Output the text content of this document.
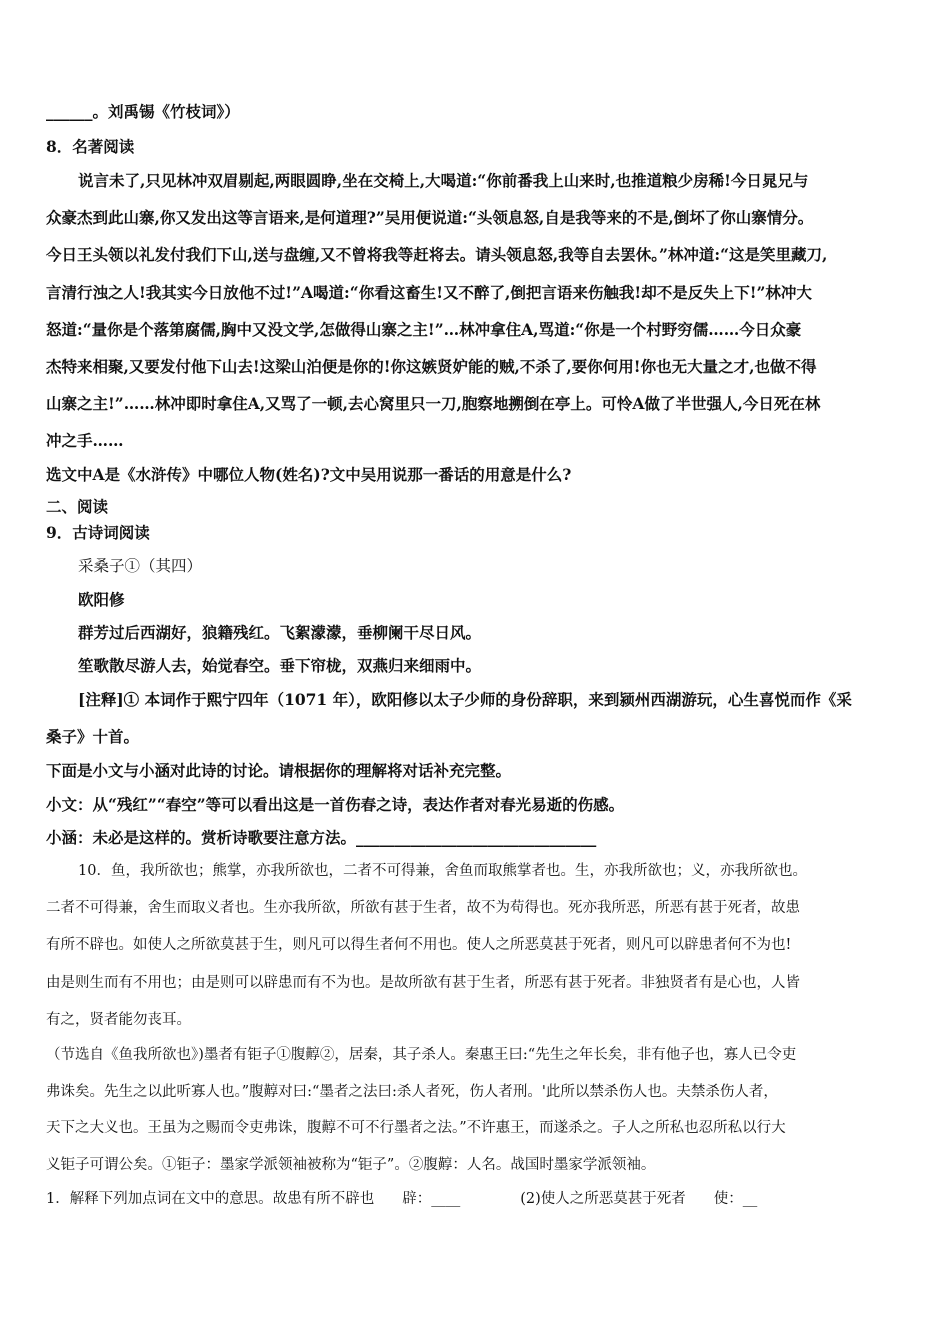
______。刘禹锡《竹枝词》）
8．名著阅读
说言未了,只见林冲双眉剔起,两眼圆睁,坐在交椅上,大喝道:“你前番我上山来时,也推道粮少房稀!今日晁兄与
众豪杰到此山寨,你又发出这等言语来,是何道理?”吴用便说道:“头领息怒,自是我等来的不是,倒坏了你山寨情分。
今日王头领以礼发付我们下山,送与盘缠,又不曾将我等赶将去。请头领息怒,我等自去罢休。”林冲道:“这是笑里藏刀,
言清行浊之人!我其实今日放他不过!”A喝道:“你看这畜生!又不醉了,倒把言语来伤触我!却不是反失上下!”林冲大
怒道:“量你是个落第腐儒,胸中又没文学,怎做得山寨之主!”…林冲拿住A,骂道:“你是一个村野穷儒……今日众豪
杰特来相聚,又要发付他下山去!这梁山泊便是你的!你这嫉贤妒能的贼,不杀了,要你何用!你也无大量之才,也做不得
山寨之主!”……林冲即时拿住A,又骂了一顿,去心窝里只一刀,胞察地搠倒在亭上。可怜A做了半世强人,今日死在林
冲之手……
选文中A是《水浒传》中哪位人物(姓名)?文中吴用说那一番话的用意是什么?
二、阅读
9．古诗词阅读
采桑子①（其四）
欧阳修
群芳过后西湖好，狼籍残红。飞絮濛濛，垂柳阑干尽日风。
笙歌散尽游人去，始觉春空。垂下帘栊，双燕归来细雨中。
[注释]① 本词作于熙宁四年（1071 年），欧阳修以太子少师的身份辞职，来到颍州西湖游玩，心生喜悦而作《采
桑子》十首。
下面是小文与小涵对此诗的讨论。请根据你的理解将对话补充完整。
小文：从“残红”“春空”等可以看出这是一首伤春之诗，表达作者对春光易逝的伤感。
小涵：未必是这样的。赏析诗歌要注意方法。_______________________________
10．鱼，我所欲也；熊掌，亦我所欲也，二者不可得兼，舍鱼而取熊掌者也。生，亦我所欲也；义，亦我所欲也。
二者不可得兼，舍生而取义者也。生亦我所欲，所欲有甚于生者，故不为苟得也。死亦我所恶，所恶有甚于死者，故患
有所不辟也。如使人之所欲莫甚于生，则凡可以得生者何不用也。使人之所恶莫甚于死者，则凡可以辟患者何不为也!
由是则生而有不用也；由是则可以辟患而有不为也。是故所欲有甚于生者，所恶有甚于死者。非独贤者有是心也，人皆
有之，贤者能勿丧耳。
（节选自《鱼我所欲也》)墨者有钜子①腹䵍②，居秦，其子杀人。秦惠王曰:“先生之年长矣，非有他子也，寡人已令吏
弗诛矣。先生之以此听寡人也。”腹䵍对曰:“墨者之法曰:杀人者死，伤人者刑。'此所以禁杀伤人也。夫禁杀伤人者，
天下之大义也。王虽为之赐而令吏弗诛，腹䵍不可不行墨者之法。”不许惠王，而遂杀之。子人之所私也忍所私以行大
义钜子可谓公矣。①钜子：墨家学派领袖被称为“钜子”。②腹䵍：人名。战国时墨家学派领袖。
1．解释下列加点词在文中的意思。故患有所不辟也 辟：____	(2)使人之所恶莫甚于死者 使：__
